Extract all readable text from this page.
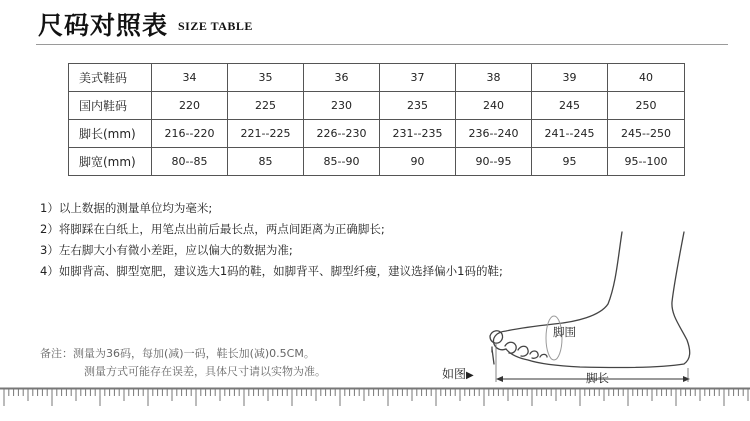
尺码对照表 SIZE TABLE
美式鞋码	34	35	36	37	38	39	40
国内鞋码	220	225	230	235	240	245	250
脚长(mm)	216--220	221--225	226--230	231--235	236--240	241--245	245--250
脚宽(mm)	80--85	85	85--90	90	90--95	95	95--100
1）以上数据的测量单位均为毫米;
2）将脚踩在白纸上，用笔点出前后最长点，两点间距离为正确脚长;
3）左右脚大小有微小差距，应以偏大的数据为准;
4）如脚背高、脚型宽肥，建议选大1码的鞋，如脚背平、脚型纤瘦，建议选择偏小1码的鞋;
备注：测量为36码，每加(减)一码，鞋长加(减)0.5CM。
测量方式可能存在误差，具体尺寸请以实物为准。	如图▶
脚围
脚长
